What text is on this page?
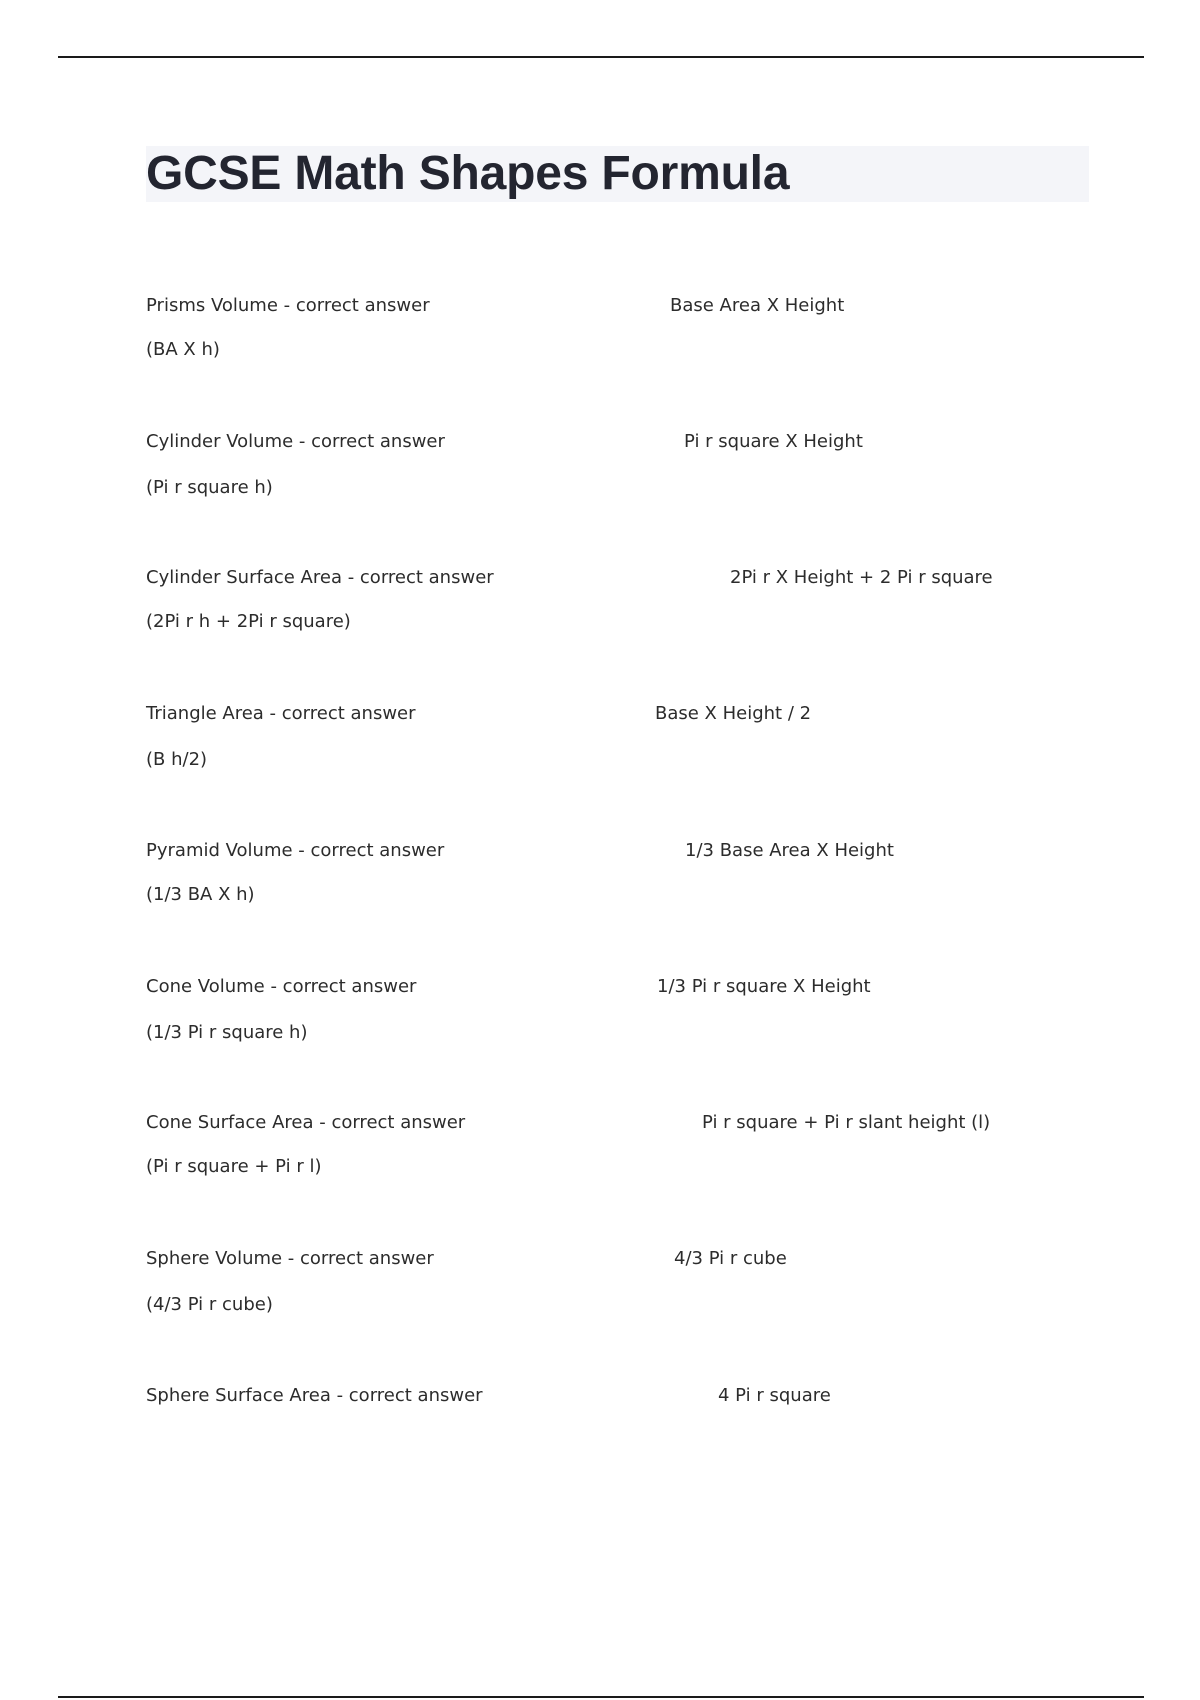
GCSE Math Shapes Formula
Prisms Volume - correct answer	Base Area X Height
(BA X h)
Cylinder Volume - correct answer	Pi r square X Height
(Pi r square h)
Cylinder Surface Area - correct answer	2Pi r X Height + 2 Pi r square
(2Pi r h + 2Pi r square)
Triangle Area - correct answer	Base X Height / 2
(B h/2)
Pyramid Volume - correct answer	1/3 Base Area X Height
(1/3 BA X h)
Cone Volume - correct answer	1/3 Pi r square X Height
(1/3 Pi r square h)
Cone Surface Area - correct answer	Pi r square + Pi r slant height (l)
(Pi r square + Pi r l)
Sphere Volume - correct answer	4/3 Pi r cube
(4/3 Pi r cube)
Sphere Surface Area - correct answer	4 Pi r square
